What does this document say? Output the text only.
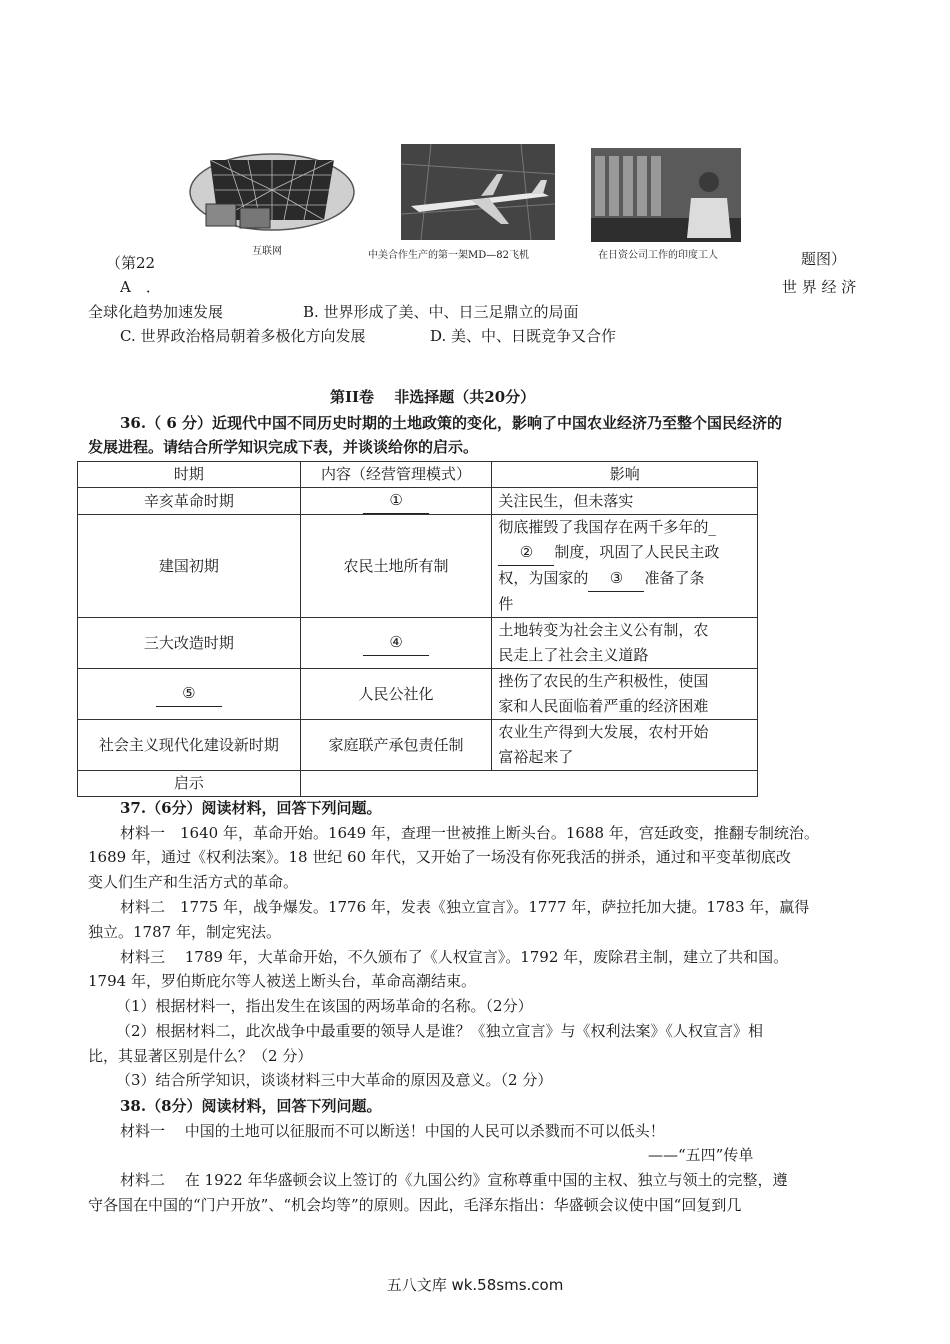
互联网	中美合作生产的第一架MD—82飞机	在日资公司工作的印度工人
（第22	题图）
A　．	世 界 经 济
全球化趋势加速发展	B. 世界形成了美、中、日三足鼎立的局面
C. 世界政治格局朝着多极化方向发展	D. 美、中、日既竞争又合作
第II卷　 非选择题（共20分）
36.（ 6 分）近现代中国不同历史时期的土地政策的变化，影响了中国农业经济乃至整个国民经济的
发展进程。请结合所学知识完成下表，并谈谈给你的启示。
时期	内容（经营管理模式）	影响
辛亥革命时期	①	关注民生，但未落实
建国初期	农民土地所有制	彻底摧毁了我国存在两千多年的_
② 制度，巩固了人民民主政
权，为国家的 ③ 准备了条
件

三大改造时期	④	土地转变为社会主义公有制，农
民走上了社会主义道路

⑤	人民公社化	挫伤了农民的生产积极性，使国
家和人民面临着严重的经济困难

社会主义现代化建设新时期	家庭联产承包责任制	农业生产得到大发展，农村开始
富裕起来了

启示		
37.（6分）阅读材料，回答下列问题。
材料一　1640 年，革命开始。1649 年，查理一世被推上断头台。1688 年，宫廷政变，推翻专制统治。
1689 年，通过《权利法案》。18 世纪 60 年代，又开始了一场没有你死我活的拼杀，通过和平变革彻底改
变人们生产和生活方式的革命。
材料二　1775 年，战争爆发。1776 年，发表《独立宣言》。1777 年，萨拉托加大捷。1783 年，赢得
独立。1787 年，制定宪法。
材料三　 1789 年，大革命开始，不久颁布了《人权宣言》。1792 年，废除君主制，建立了共和国。
1794 年，罗伯斯庇尔等人被送上断头台，革命高潮结束。
（1）根据材料一，指出发生在该国的两场革命的名称。（2分）
（2）根据材料二，此次战争中最重要的领导人是谁？《独立宣言》与《权利法案》《人权宣言》相
比，其显著区别是什么？（2 分）
（3）结合所学知识，谈谈材料三中大革命的原因及意义。（2 分）
38.（8分）阅读材料，回答下列问题。
材料一　 中国的土地可以征服而不可以断送！中国的人民可以杀戮而不可以低头！
——“五四”传单
材料二　 在 1922 年华盛顿会议上签订的《九国公约》宣称尊重中国的主权、独立与领土的完整，遵
守各国在中国的“门户开放”、“机会均等”的原则。因此，毛泽东指出：华盛顿会议使中国“回复到几
五八文库 wk.58sms.com
